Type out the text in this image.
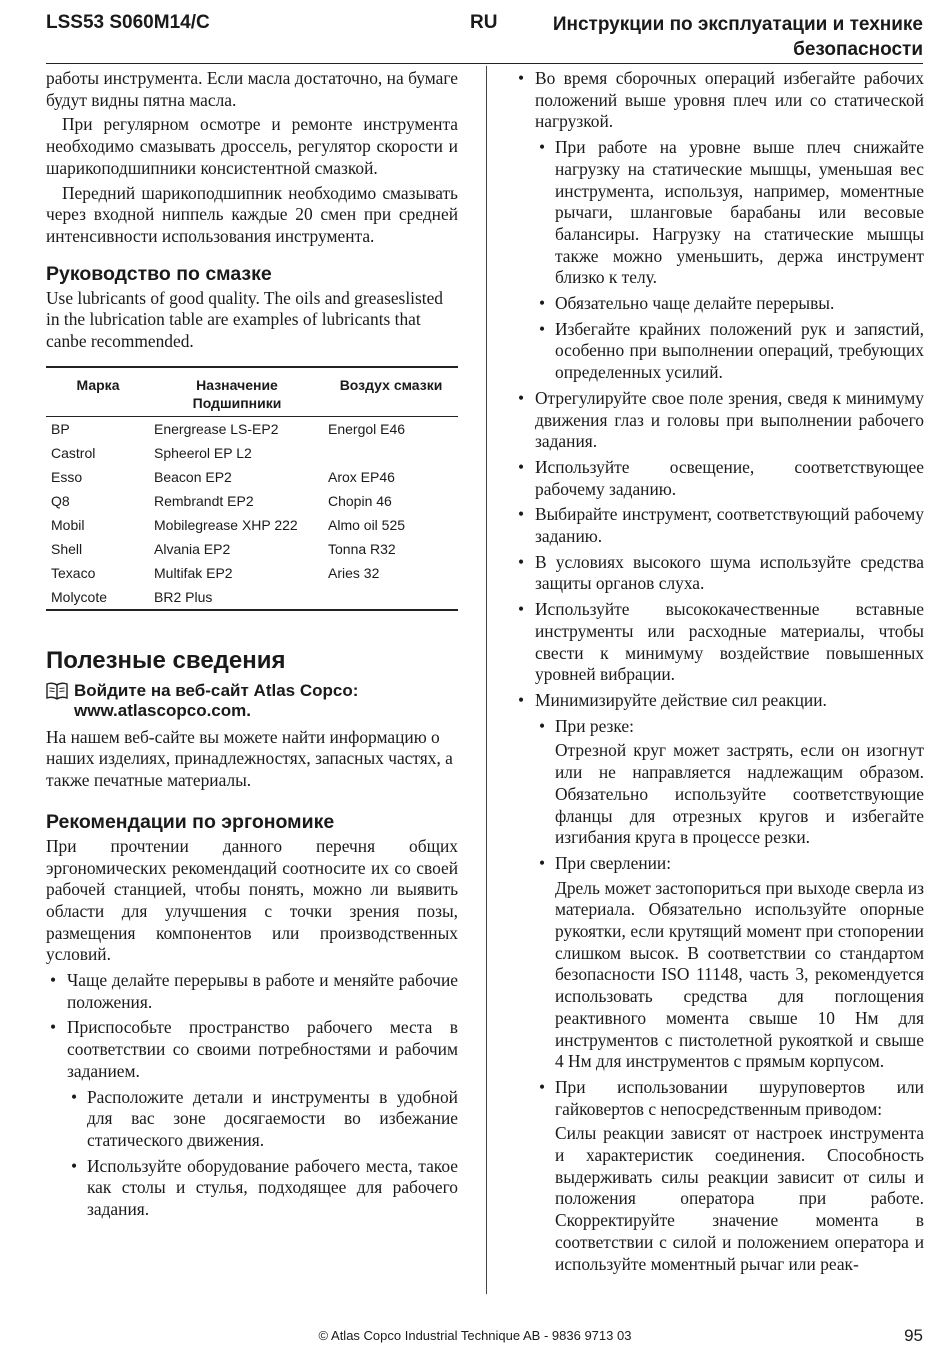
LSS53 S060M14/C	RU	Инструкции по эксплуатации и технике безопасности

работы инструмента. Если масла достаточно, на бумаге будут видны пятна масла.

При регулярном осмотре и ремонте инструмента необходимо смазывать дроссель, регулятор скорости и шарикоподшипники консистентной смазкой.

Передний шарикоподшипник необходимо смазывать через входной ниппель каждые 20 смен при средней интенсивности использования инструмента.

Руководство по смазке

Use lubricants of good quality. The oils and greaseslisted in the lubrication table are examples of lubricants that canbe recommended.

Марка	Назначение Подшипники	Воздух смазки
BP	Energrease LS-EP2	Energol E46
Castrol	Spheerol EP L2	
Esso	Beacon EP2	Arox EP46
Q8	Rembrandt EP2	Chopin 46
Mobil	Mobilegrease XHP 222	Almo oil 525
Shell	Alvania EP2	Tonna R32
Texaco	Multifak EP2	Aries 32
Molycote	BR2 Plus	
Полезные сведения
Войдите на веб-сайт Atlas Copco: www.atlascopco.com.

На нашем веб-сайте вы можете найти информацию о наших изделиях, принадлежностях, запасных частях, а также печатные материалы.

Рекомендации по эргономике

При прочтении данного перечня общих эргономических рекомендаций соотносите их со своей рабочей станцией, чтобы понять, можно ли выявить области для улучшения с точки зрения позы, размещения компонентов или производственных условий.

• Чаще делайте перерывы в работе и меняйте рабочие положения.
• Приспособьте пространство рабочего места в соответствии со своими потребностями и рабочим заданием.
• Расположите детали и инструменты в удобной для вас зоне досягаемости во избежание статического движения.
• Используйте оборудование рабочего места, такое как столы и стулья, подходящее для рабочего задания.
• Во время сборочных операций избегайте рабочих положений выше уровня плеч или со статической нагрузкой.
• При работе на уровне выше плеч снижайте нагрузку на статические мышцы, уменьшая вес инструмента, используя, например, моментные рычаги, шланговые барабаны или весовые балансиры. Нагрузку на статические мышцы также можно уменьшить, держа инструмент близко к телу.
• Обязательно чаще делайте перерывы.
• Избегайте крайних положений рук и запястий, особенно при выполнении операций, требующих определенных усилий.
• Отрегулируйте свое поле зрения, сведя к минимуму движения глаз и головы при выполнении рабочего задания.
• Используйте освещение, соответствующее рабочему заданию.
• Выбирайте инструмент, соответствующий рабочему заданию.
• В условиях высокого шума используйте средства защиты органов слуха.
• Используйте высококачественные вставные инструменты или расходные материалы, чтобы свести к минимуму воздействие повышенных уровней вибрации.
• Минимизируйте действие сил реакции.
• При резке:
Отрезной круг может застрять, если он изогнут или не направляется надлежащим образом. Обязательно используйте соответствующие фланцы для отрезных кругов и избегайте изгибания круга в процессе резки.
• При сверлении:
Дрель может застопориться при выходе сверла из материала. Обязательно используйте опорные рукоятки, если крутящий момент при стопорении слишком высок. В соответствии со стандартом безопасности ISO 11148, часть 3, рекомендуется использовать средства для поглощения реактивного момента свыше 10 Нм для инструментов с пистолетной рукояткой и свыше 4 Нм для инструментов с прямым корпусом.
• При использовании шуруповертов или гайковертов с непосредственным приводом:
Силы реакции зависят от настроек инструмента и характеристик соединения. Способность выдерживать силы реакции зависит от силы и положения оператора при работе. Скорректируйте значение момента в соответствии с силой и положением оператора и используйте моментный рычаг или реак-
© Atlas Copco Industrial Technique AB - 9836 9713 03	95
